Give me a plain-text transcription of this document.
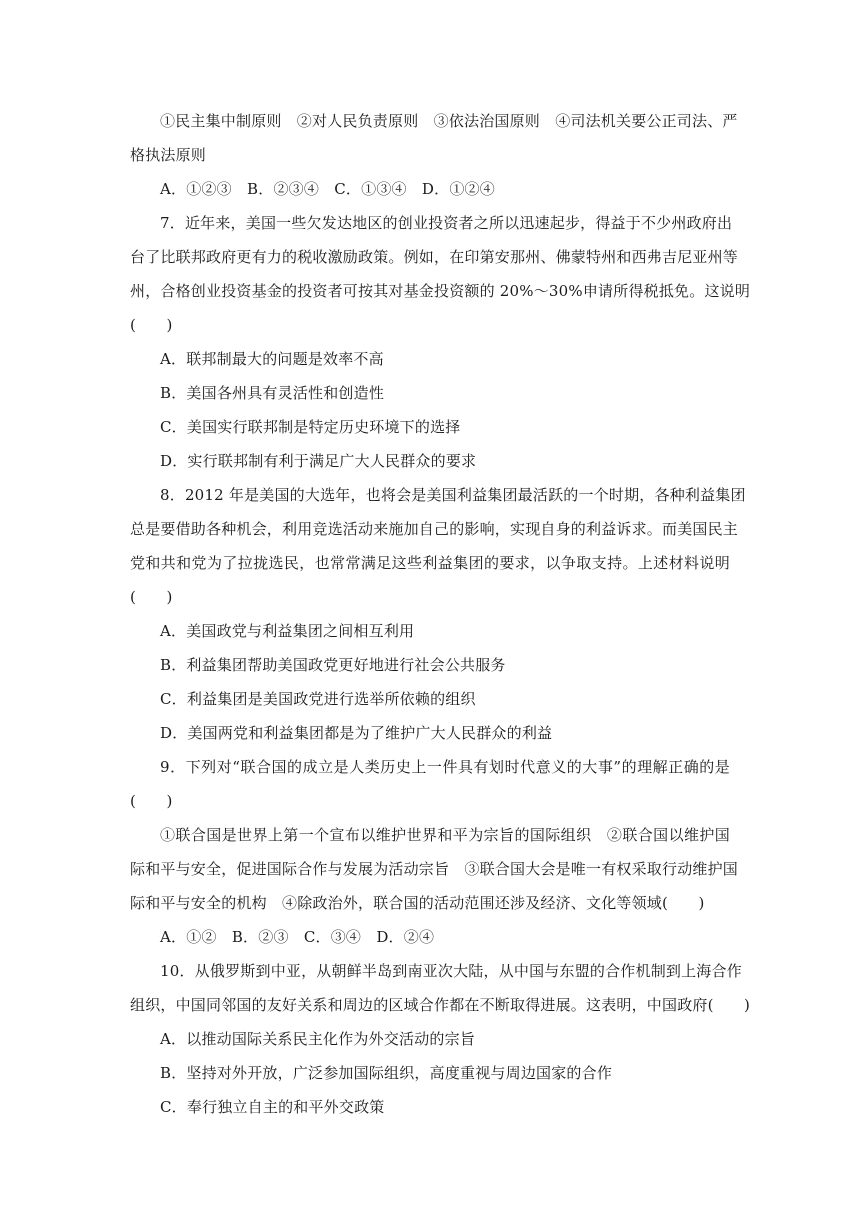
①民主集中制原则　②对人民负责原则　③依法治国原则　④司法机关要公正司法、严
格执法原则
A．①②③　B．②③④　C．①③④　D．①②④
7．近年来，美国一些欠发达地区的创业投资者之所以迅速起步，得益于不少州政府出
台了比联邦政府更有力的税收激励政策。例如，在印第安那州、佛蒙特州和西弗吉尼亚州等
州，合格创业投资基金的投资者可按其对基金投资额的 20%～30%申请所得税抵免。这说明
(　　)
A．联邦制最大的问题是效率不高
B．美国各州具有灵活性和创造性
C．美国实行联邦制是特定历史环境下的选择
D．实行联邦制有利于满足广大人民群众的要求
8．2012 年是美国的大选年，也将会是美国利益集团最活跃的一个时期，各种利益集团
总是要借助各种机会，利用竞选活动来施加自己的影响，实现自身的利益诉求。而美国民主
党和共和党为了拉拢选民，也常常满足这些利益集团的要求，以争取支持。上述材料说明
(　　)
A．美国政党与利益集团之间相互利用
B．利益集团帮助美国政党更好地进行社会公共服务
C．利益集团是美国政党进行选举所依赖的组织
D．美国两党和利益集团都是为了维护广大人民群众的利益
9．下列对“联合国的成立是人类历史上一件具有划时代意义的大事”的理解正确的是
(　　)
①联合国是世界上第一个宣布以维护世界和平为宗旨的国际组织　②联合国以维护国
际和平与安全，促进国际合作与发展为活动宗旨　③联合国大会是唯一有权采取行动维护国
际和平与安全的机构　④除政治外，联合国的活动范围还涉及经济、文化等领域(　　)
A．①②　B．②③　C．③④　D．②④
10．从俄罗斯到中亚，从朝鲜半岛到南亚次大陆，从中国与东盟的合作机制到上海合作
组织，中国同邻国的友好关系和周边的区域合作都在不断取得进展。这表明，中国政府(　　)
A．以推动国际关系民主化作为外交活动的宗旨
B．坚持对外开放，广泛参加国际组织，高度重视与周边国家的合作
C．奉行独立自主的和平外交政策
